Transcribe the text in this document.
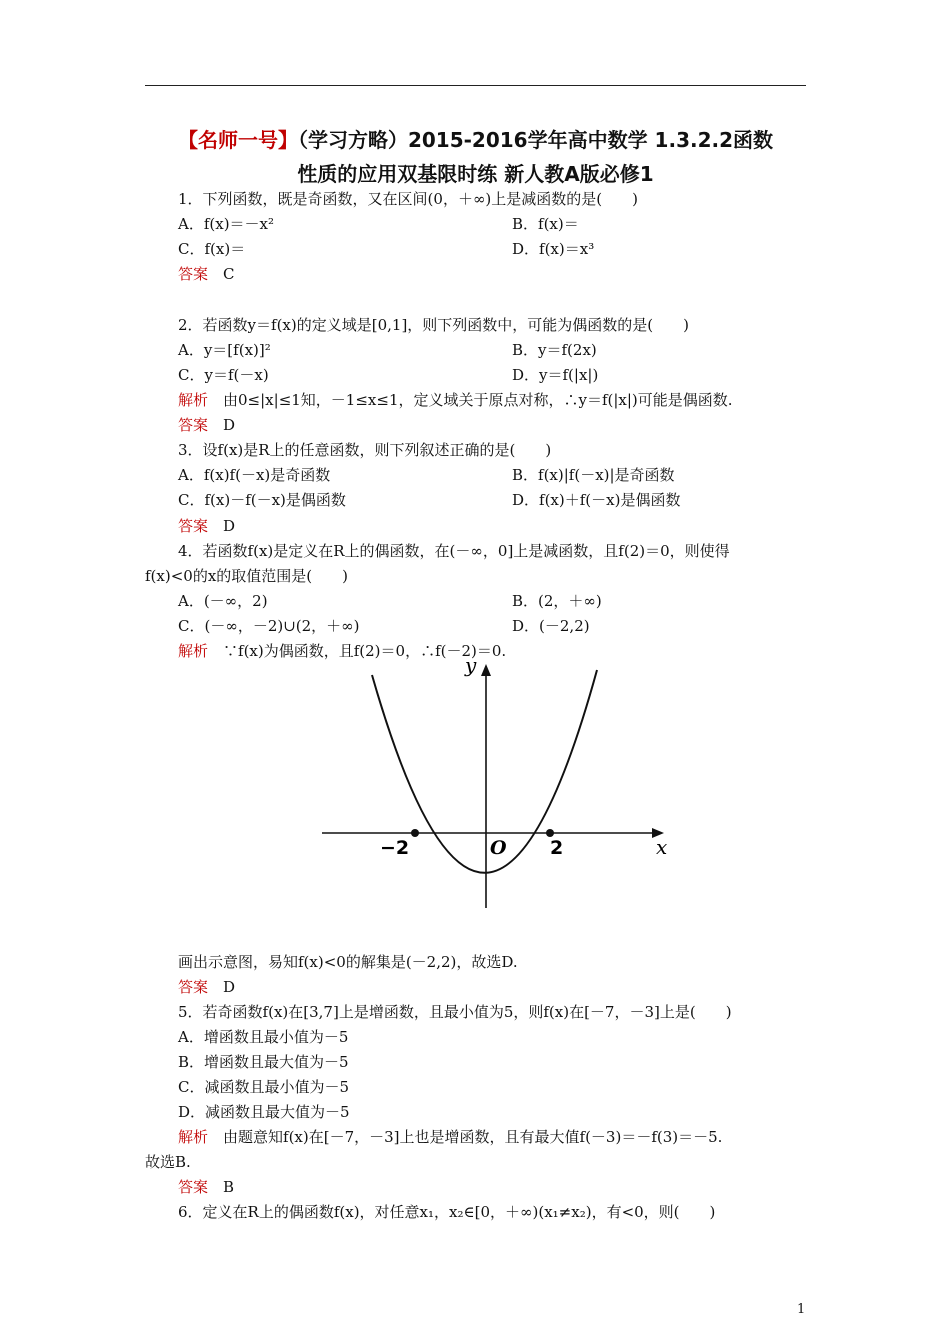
【名师一号】（学习方略）2015-2016学年高中数学 1.3.2.2函数
性质的应用双基限时练 新人教A版必修1
1．下列函数，既是奇函数，又在区间(0，＋∞)上是减函数的是(　　)
A．f(x)＝－x²	B．f(x)＝
C．f(x)＝	D．f(x)＝x³
答案　C
2．若函数y＝f(x)的定义域是[0,1]，则下列函数中，可能为偶函数的是(　　)
A．y＝[f(x)]²	B．y＝f(2x)
C．y＝f(－x)	D．y＝f(|x|)
解析　由0≤|x|≤1知，－1≤x≤1，定义域关于原点对称，∴y＝f(|x|)可能是偶函数.
答案　D
3．设f(x)是R上的任意函数，则下列叙述正确的是(　　)
A．f(x)f(－x)是奇函数	B．f(x)|f(－x)|是奇函数
C．f(x)－f(－x)是偶函数	D．f(x)＋f(－x)是偶函数
答案　D
4．若函数f(x)是定义在R上的偶函数，在(－∞，0]上是减函数，且f(2)＝0，则使得
f(x)<0的x的取值范围是(　　)
A．(－∞，2)	B．(2，＋∞)
C．(－∞，－2)∪(2，＋∞)	D．(－2,2)
解析　∵f(x)为偶函数，且f(2)＝0，∴f(－2)＝0.
画出示意图，易知f(x)<0的解集是(－2,2)，故选D.
答案　D
5．若奇函数f(x)在[3,7]上是增函数，且最小值为5，则f(x)在[－7，－3]上是(　　)
A．增函数且最小值为－5
B．增函数且最大值为－5
C．减函数且最小值为－5
D．减函数且最大值为－5
解析　由题意知f(x)在[－7，－3]上也是增函数，且有最大值f(－3)＝－f(3)＝－5.
故选B.
答案　B
6．定义在R上的偶函数f(x)，对任意x₁，x₂∈[0，＋∞)(x₁≠x₂)，有<0，则(　　)
y
x
O
−2	2
1
